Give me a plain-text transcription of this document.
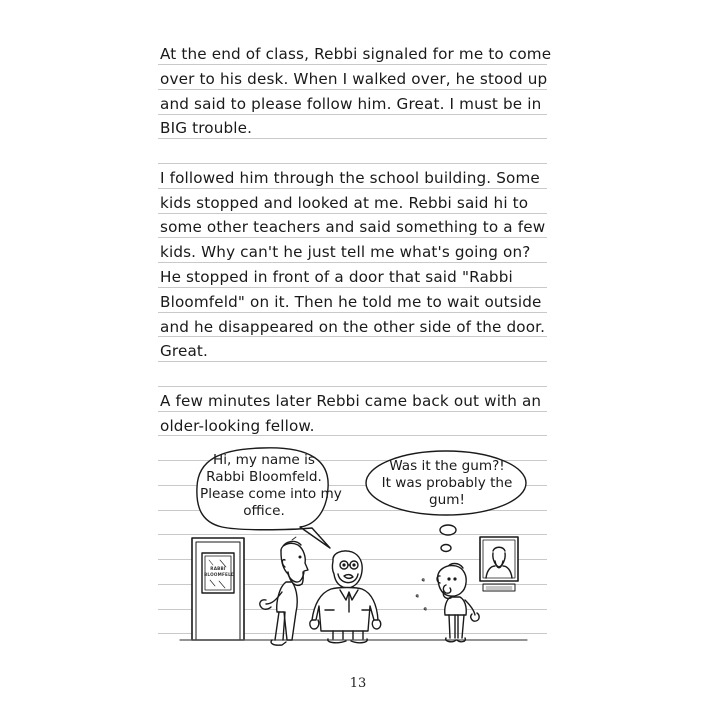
At the end of class, Rebbi signaled for me to come
over to his desk. When I walked over, he stood up
and said to please follow him. Great. I must be in
BIG trouble.
I followed him through the school building. Some
kids stopped and looked at me. Rebbi said hi to
some other teachers and said something to a few
kids. Why can't he just tell me what's going on?
He stopped in front of a door that said "Rabbi
Bloomfeld" on it. Then he told me to wait outside
and he disappeared on the other side of the door.
Great.
A few minutes later Rebbi came back out with an
older-looking fellow.
Hi, my name is
Rabbi Bloomfeld.
Please come into my
office.
Was it the gum?!
It was probably the
gum!
RABBI
BLOOMFELD
13
